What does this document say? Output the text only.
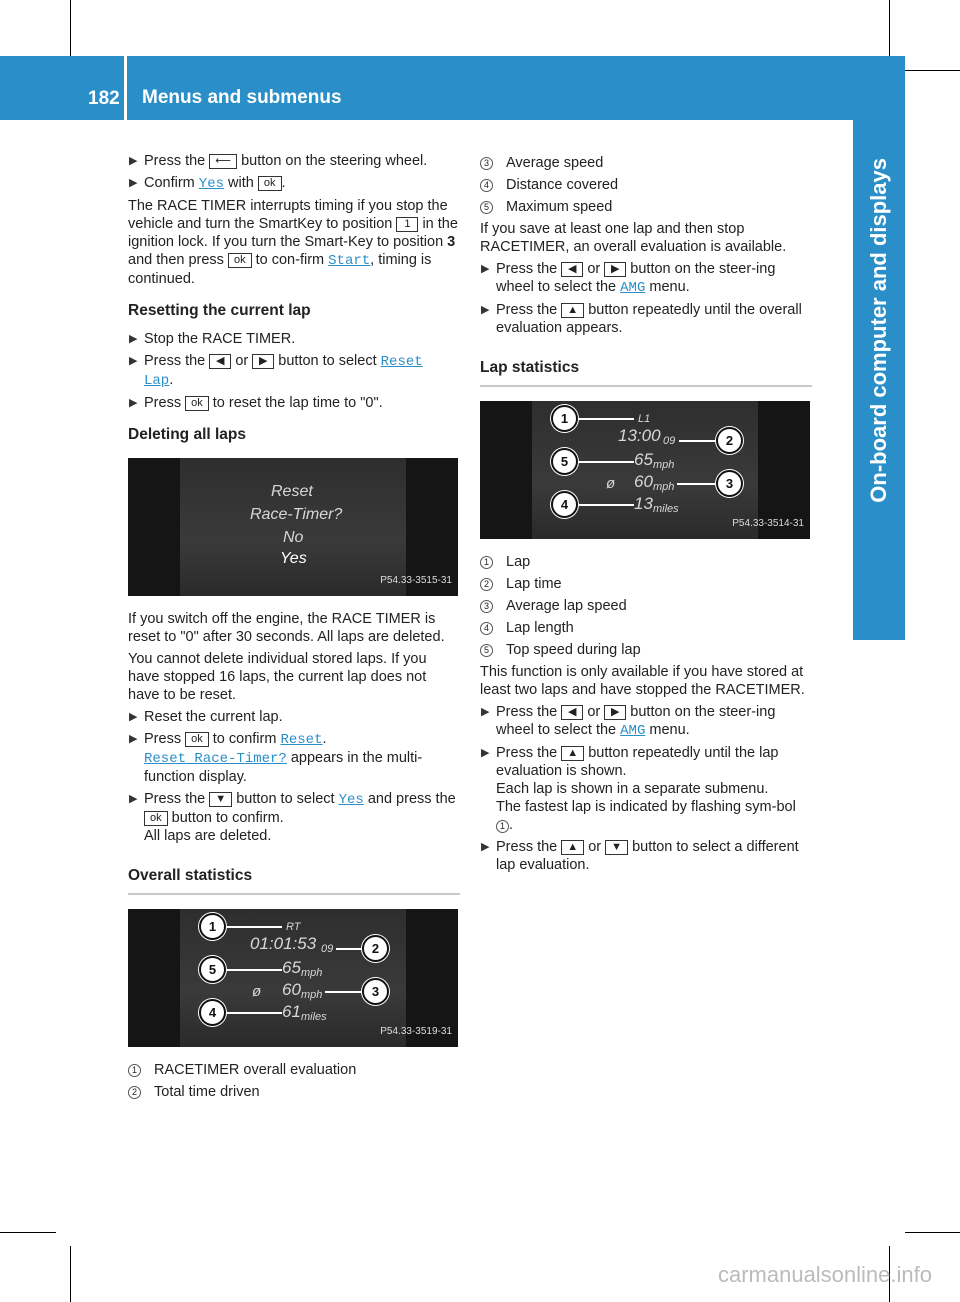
182 Menus and submenus
On-board computer and displays
▶ Press the ⟵ button on the steering wheel.
▶ Confirm Yes with ok .

The RACE TIMER interrupts timing if you stop the vehicle and turn the SmartKey to position 1 in the ignition lock. If you turn the Smart-Key to position 3 and then press ok to con-firm Start, timing is continued.

Resetting the current lap
▶ Stop the RACE TIMER.
▶ Press the ◀ or ▶ button to select Reset Lap.
▶ Press ok to reset the lap time to "0".
Deleting all laps
Reset
Race-Timer?
No
Yes
P54.33-3515-31

If you switch off the engine, the RACE TIMER is reset to "0" after 30 seconds. All laps are deleted.

You cannot delete individual stored laps. If you have stopped 16 laps, the current lap does not have to be reset.

▶ Reset the current lap.
▶ Press ok to confirm Reset.
Reset Race-Timer? appears in the multi-function display.
▶ Press the ▼ button to select Yes and press the ok button to confirm.
All laps are deleted.
Overall statistics
RT
01:01:53 09
65 mph
ø 60 mph
61 miles
1
2
5
3
4
P54.33-3519-31
1 RACETIMER overall evaluation
2 Total time driven
3 Average speed
4 Distance covered
5 Maximum speed

If you save at least one lap and then stop RACETIMER, an overall evaluation is available.

▶ Press the ◀ or ▶ button on the steer-ing wheel to select the AMG menu.
▶ Press the ▲ button repeatedly until the overall evaluation appears.
Lap statistics
L1
13:00 09
65 mph
ø 60 mph
13 miles
1
2
5
3
4
P54.33-3514-31
1 Lap
2 Lap time
3 Average lap speed
4 Lap length
5 Top speed during lap

This function is only available if you have stored at least two laps and have stopped the RACETIMER.

▶ Press the ◀ or ▶ button on the steer-ing wheel to select the AMG menu.
▶ Press the ▲ button repeatedly until the lap evaluation is shown.
Each lap is shown in a separate submenu.
The fastest lap is indicated by flashing sym-bol 1 .
▶ Press the ▲ or ▼ button to select a different lap evaluation.
carmanualsonline.info
